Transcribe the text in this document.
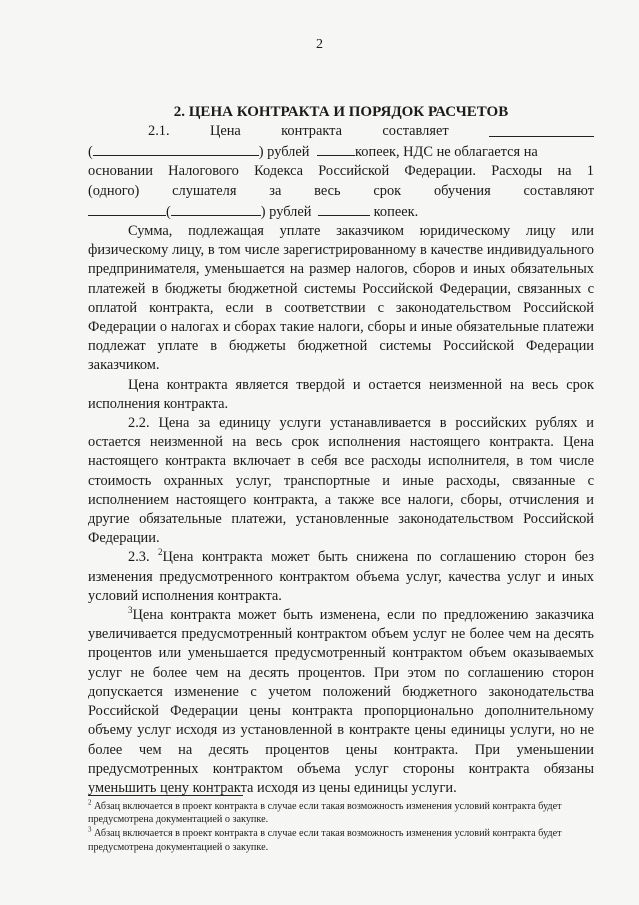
2
2. ЦЕНА КОНТРАКТА И ПОРЯДОК РАСЧЕТОВ
2.1.	Цена	контракта	составляет
(	) рублей	копеек, НДС не облагается на
основании Налогового Кодекса Российской Федерации. Расходы на 1
(одного) слушателя за весь срок обучения составляют
(	) рублей	копеек.

Сумма, подлежащая уплате заказчиком юридическому лицу или физическому лицу, в том числе зарегистрированному в качестве индивидуального предпринимателя, уменьшается на размер налогов, сборов и иных обязательных платежей в бюджеты бюджетной системы Российской Федерации, связанных с оплатой контракта, если в соответствии с законодательством Российской Федерации о налогах и сборах такие налоги, сборы и иные обязательные платежи подлежат уплате в бюджеты бюджетной системы Российской Федерации заказчиком.

Цена контракта является твердой и остается неизменной на весь срок исполнения контракта.

2.2. Цена за единицу услуги устанавливается в российских рублях и остается неизменной на весь срок исполнения настоящего контракта. Цена настоящего контракта включает в себя все расходы исполнителя, в том числе стоимость охранных услуг, транспортные и иные расходы, связанные с исполнением настоящего контракта, а также все налоги, сборы, отчисления и другие обязательные платежи, установленные законодательством Российской Федерации.

2.3. $^2$Цена контракта может быть снижена по соглашению сторон без изменения предусмотренного контрактом объема услуг, качества услуг и иных условий исполнения контракта.

$^3$Цена контракта может быть изменена, если по предложению заказчика увеличивается предусмотренный контрактом объем услуг не более чем на десять процентов или уменьшается предусмотренный контрактом объем оказываемых услуг не более чем на десять процентов. При этом по соглашению сторон допускается изменение с учетом положений бюджетного законодательства Российской Федерации цены контракта пропорционально дополнительному объему услуг исходя из установленной в контракте цены единицы услуги, но не более чем на десять процентов цены контракта. При уменьшении предусмотренных контрактом объема услуг стороны контракта обязаны уменьшить цену контракта исходя из цены единицы услуги.

$^2$ Абзац включается в проект контракта в случае если такая возможность изменения условий контракта будет предусмотрена документацией о закупке.
$^3$ Абзац включается в проект контракта в случае если такая возможность изменения условий контракта будет предусмотрена документацией о закупке.
